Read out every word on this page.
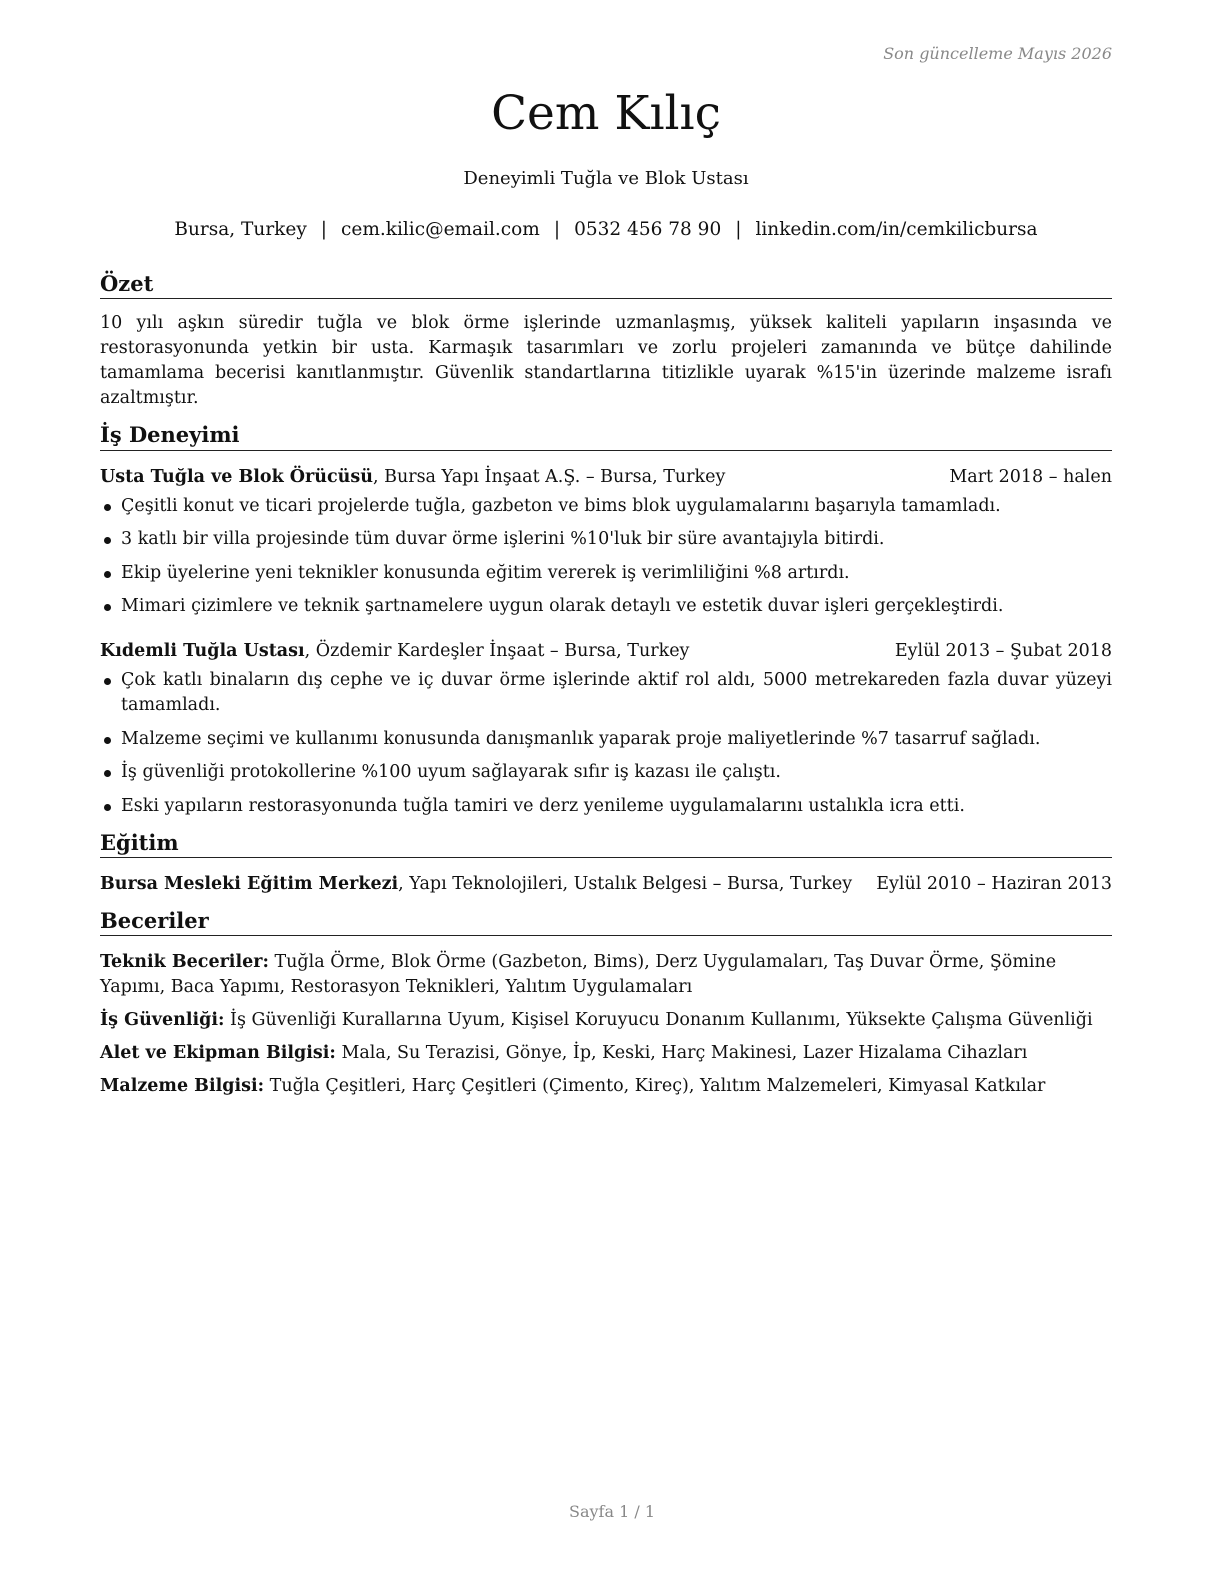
Son güncelleme Mayıs 2026
Cem Kılıç
Deneyimli Tuğla ve Blok Ustası
Bursa, Turkey | cem.kilic@email.com | 0532 456 78 90 | linkedin.com/in/cemkilicbursa
Özet

10 yılı aşkın süredir tuğla ve blok örme işlerinde uzmanlaşmış, yüksek kaliteli yapıların inşasında ve restorasyonunda yetkin bir usta. Karmaşık tasarımları ve zorlu projeleri zamanında ve bütçe dahilinde tamamlama becerisi kanıtlanmıştır. Güvenlik standartlarına titizlikle uyarak %15'in üzerinde malzeme israfı azaltmıştır.

İş Deneyimi
Usta Tuğla ve Blok Örücüsü, Bursa Yapı İnşaat A.Ş. – Bursa, Turkey	Mart 2018 – halen
Çeşitli konut ve ticari projelerde tuğla, gazbeton ve bims blok uygulamalarını başarıyla tamamladı.
3 katlı bir villa projesinde tüm duvar örme işlerini %10'luk bir süre avantajıyla bitirdi.
Ekip üyelerine yeni teknikler konusunda eğitim vererek iş verimliliğini %8 artırdı.
Mimari çizimlere ve teknik şartnamelere uygun olarak detaylı ve estetik duvar işleri gerçekleştirdi.
Kıdemli Tuğla Ustası, Özdemir Kardeşler İnşaat – Bursa, Turkey	Eylül 2013 – Şubat 2018
Çok katlı binaların dış cephe ve iç duvar örme işlerinde aktif rol aldı, 5000 metrekareden fazla duvar yüzeyi tamamladı.
Malzeme seçimi ve kullanımı konusunda danışmanlık yaparak proje maliyetlerinde %7 tasarruf sağladı.
İş güvenliği protokollerine %100 uyum sağlayarak sıfır iş kazası ile çalıştı.
Eski yapıların restorasyonunda tuğla tamiri ve derz yenileme uygulamalarını ustalıkla icra etti.
Eğitim
Bursa Mesleki Eğitim Merkezi, Yapı Teknolojileri, Ustalık Belgesi – Bursa, Turkey Eylül 2010 – Haziran 2013
Beceriler
Teknik Beceriler: Tuğla Örme, Blok Örme (Gazbeton, Bims), Derz Uygulamaları, Taş Duvar Örme, Şömine Yapımı, Baca Yapımı, Restorasyon Teknikleri, Yalıtım Uygulamaları
İş Güvenliği: İş Güvenliği Kurallarına Uyum, Kişisel Koruyucu Donanım Kullanımı, Yüksekte Çalışma Güvenliği
Alet ve Ekipman Bilgisi: Mala, Su Terazisi, Gönye, İp, Keski, Harç Makinesi, Lazer Hizalama Cihazları
Malzeme Bilgisi: Tuğla Çeşitleri, Harç Çeşitleri (Çimento, Kireç), Yalıtım Malzemeleri, Kimyasal Katkılar
Sayfa 1 / 1
